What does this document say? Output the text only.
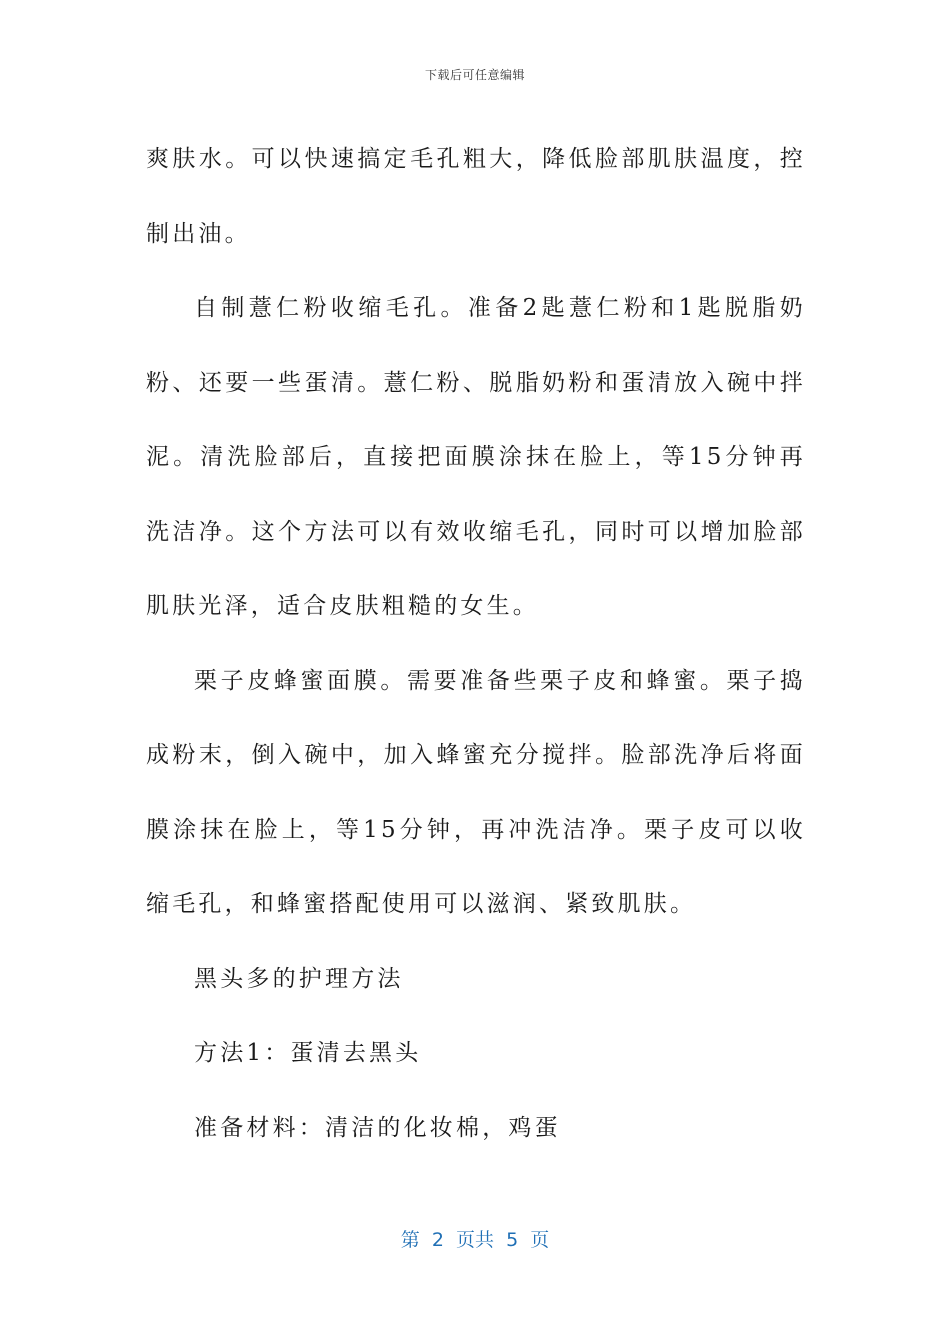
下载后可任意编辑

爽肤水。可以快速搞定毛孔粗大，降低脸部肌肤温度，控制出油。

自制薏仁粉收缩毛孔。准备2匙薏仁粉和1匙脱脂奶粉、还要一些蛋清。薏仁粉、脱脂奶粉和蛋清放入碗中拌泥。清洗脸部后，直接把面膜涂抹在脸上，等15分钟再洗洁净。这个方法可以有效收缩毛孔，同时可以增加脸部肌肤光泽，适合皮肤粗糙的女生。

栗子皮蜂蜜面膜。需要准备些栗子皮和蜂蜜。栗子捣成粉末，倒入碗中，加入蜂蜜充分搅拌。脸部洗净后将面膜涂抹在脸上，等15分钟，再冲洗洁净。栗子皮可以收缩毛孔，和蜂蜜搭配使用可以滋润、紧致肌肤。

黑头多的护理方法

方法1：蛋清去黑头

准备材料：清洁的化妆棉，鸡蛋

第  2  页共  5  页
